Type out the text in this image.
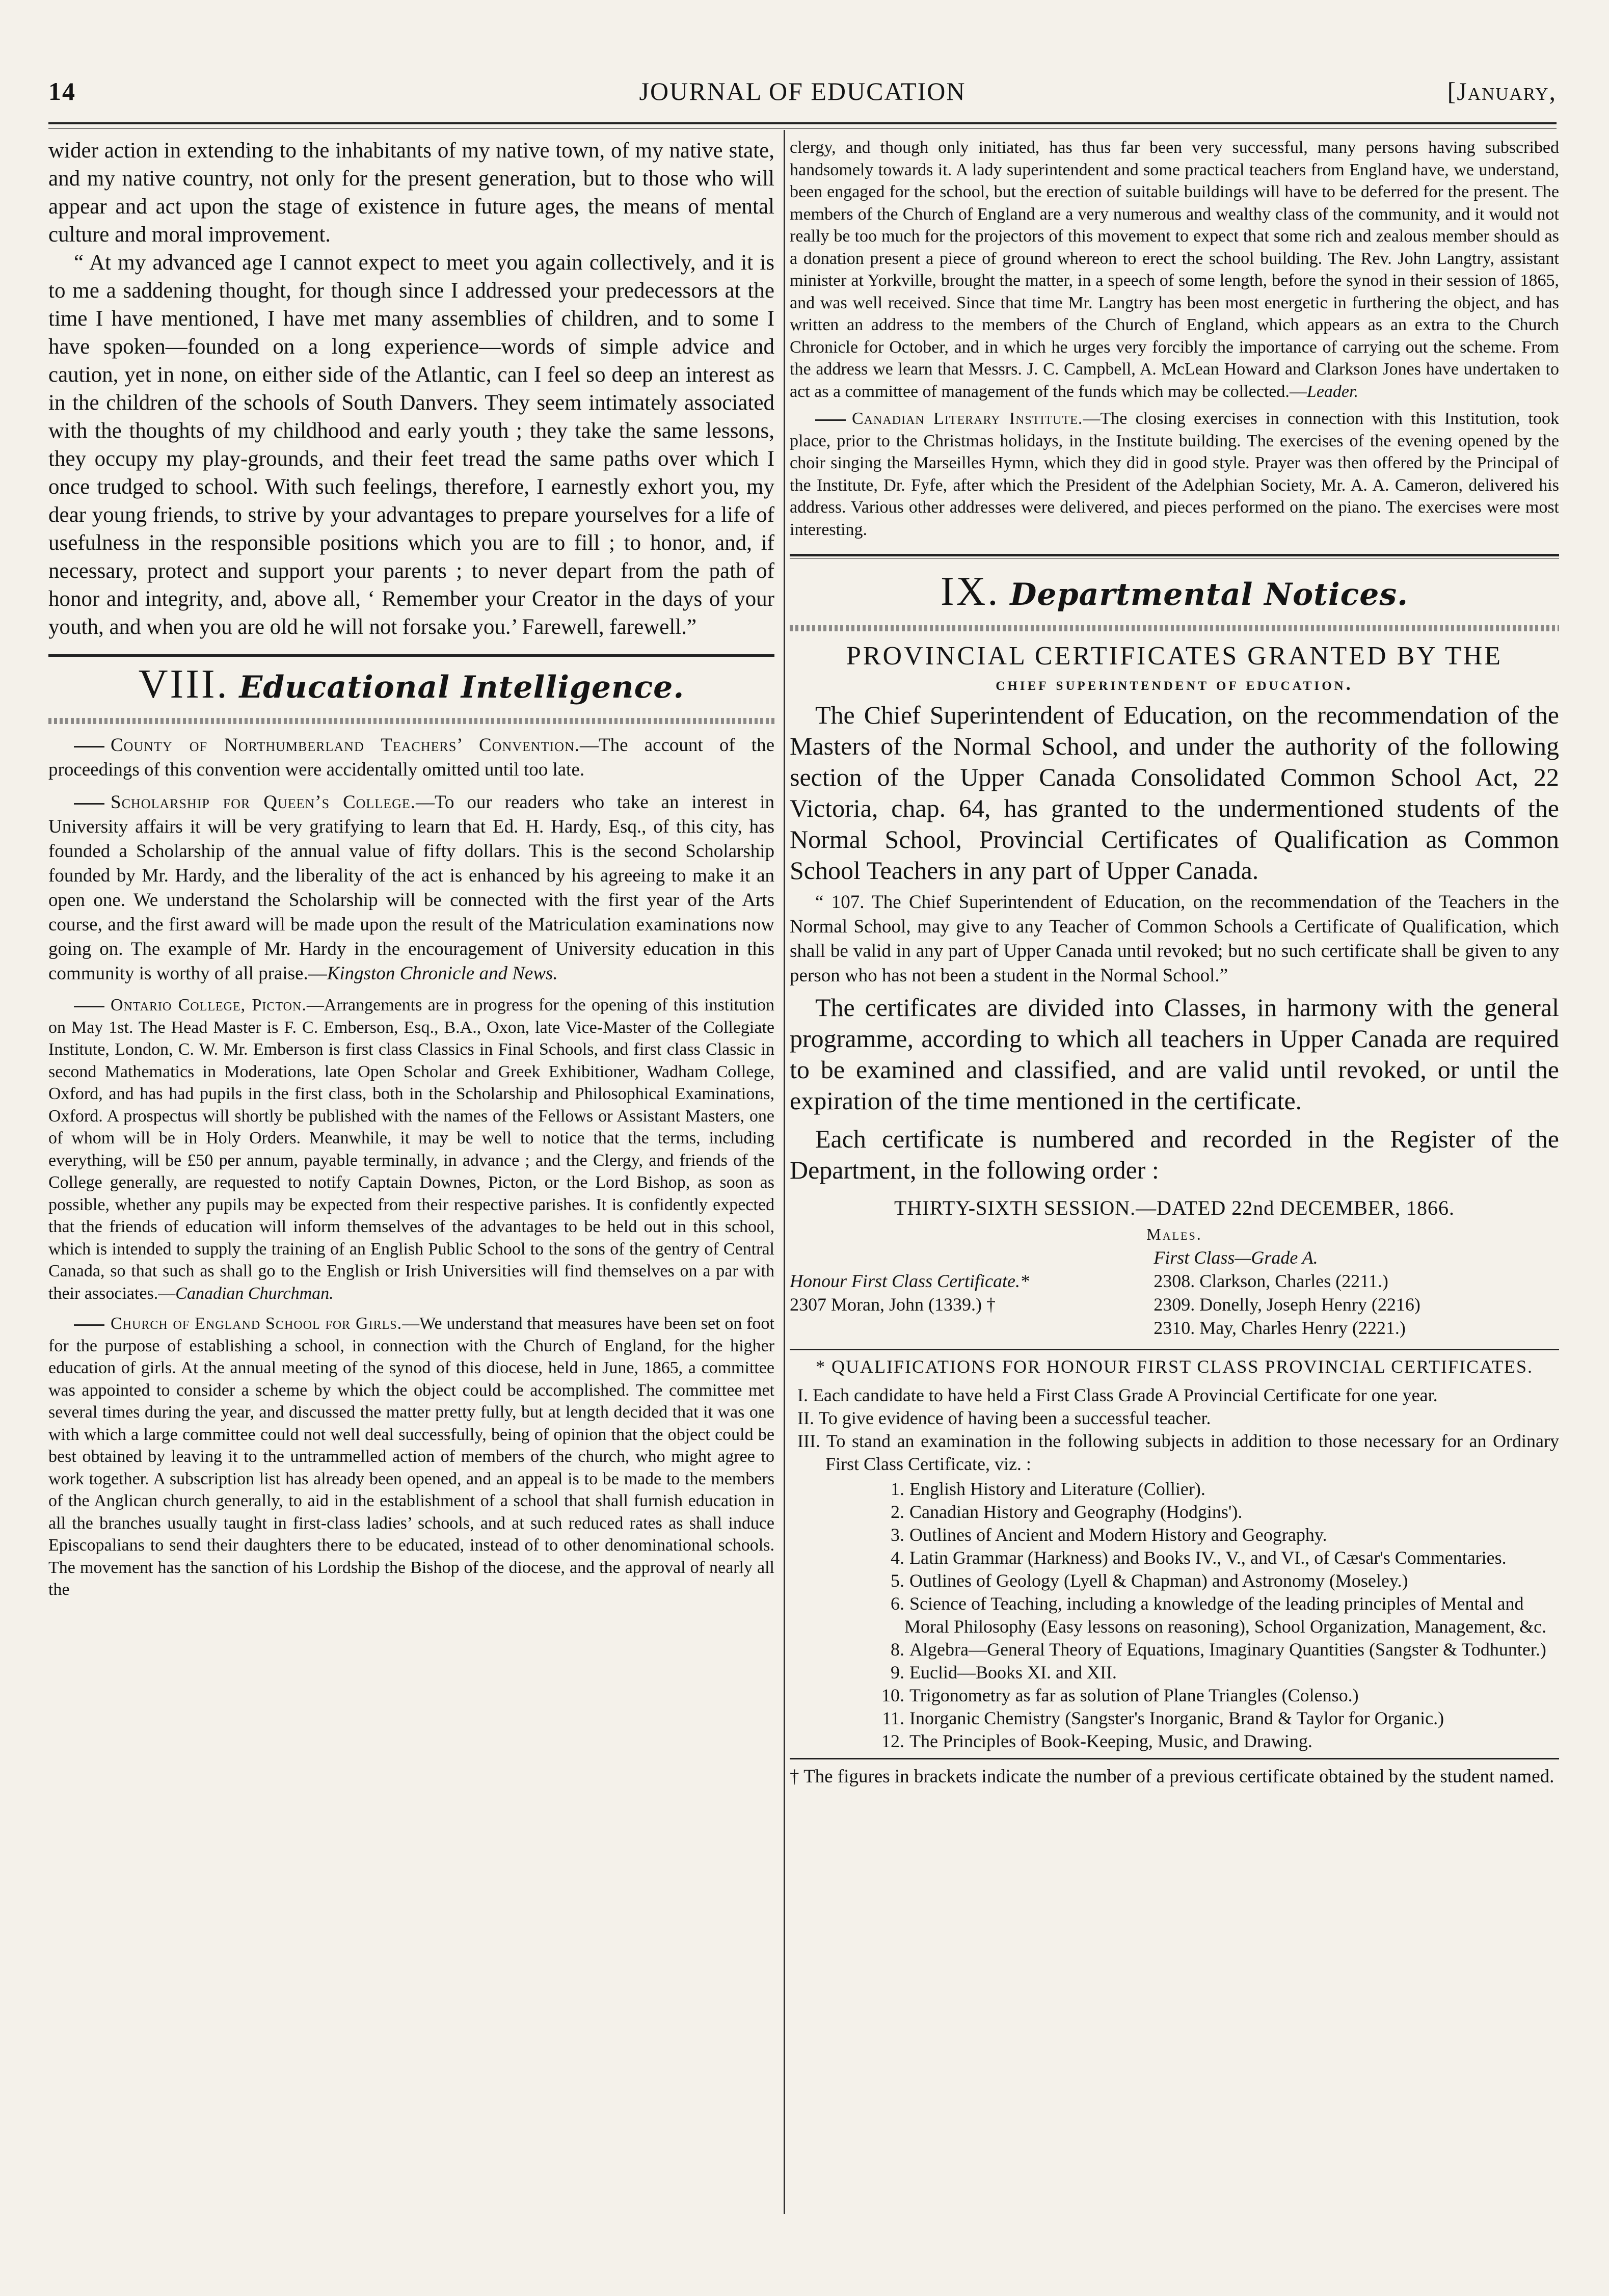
14	JOURNAL OF EDUCATION	[January,

wider action in extending to the inhabitants of my native town, of my native state, and my native country, not only for the present generation, but to those who will appear and act upon the stage of existence in future ages, the means of mental culture and moral improvement.

“ At my advanced age I cannot expect to meet you again collectively, and it is to me a saddening thought, for though since I addressed your predecessors at the time I have mentioned, I have met many assemblies of children, and to some I have spoken—founded on a long experience—words of simple advice and caution, yet in none, on either side of the Atlantic, can I feel so deep an interest as in the children of the schools of South Danvers. They seem intimately associated with the thoughts of my childhood and early youth ; they take the same lessons, they occupy my play-grounds, and their feet tread the same paths over which I once trudged to school. With such feelings, therefore, I earnestly exhort you, my dear young friends, to strive by your advantages to prepare yourselves for a life of usefulness in the responsible positions which you are to fill ; to honor, and, if necessary, protect and support your parents ; to never depart from the path of honor and integrity, and, above all, ‘ Remember your Creator in the days of your youth, and when you are old he will not forsake you.’ Farewell, farewell.”

VIII. Educational Intelligence.

County of Northumberland Teachers’ Convention.—The account of the proceedings of this convention were accidentally omitted until too late.

Scholarship for Queen’s College.—To our readers who take an interest in University affairs it will be very gratifying to learn that Ed. H. Hardy, Esq., of this city, has founded a Scholarship of the annual value of fifty dollars. This is the second Scholarship founded by Mr. Hardy, and the liberality of the act is enhanced by his agreeing to make it an open one. We understand the Scholarship will be connected with the first year of the Arts course, and the first award will be made upon the result of the Matriculation examinations now going on. The example of Mr. Hardy in the encouragement of University education in this community is worthy of all praise.—Kingston Chronicle and News.

Ontario College, Picton.—Arrangements are in progress for the opening of this institution on May 1st. The Head Master is F. C. Emberson, Esq., B.A., Oxon, late Vice-Master of the Collegiate Institute, London, C. W. Mr. Emberson is first class Classics in Final Schools, and first class Classic in second Mathematics in Moderations, late Open Scholar and Greek Exhibitioner, Wadham College, Oxford, and has had pupils in the first class, both in the Scholarship and Philosophical Examinations, Oxford. A prospectus will shortly be published with the names of the Fellows or Assistant Masters, one of whom will be in Holy Orders. Meanwhile, it may be well to notice that the terms, including everything, will be £50 per annum, payable terminally, in advance ; and the Clergy, and friends of the College generally, are requested to notify Captain Downes, Picton, or the Lord Bishop, as soon as possible, whether any pupils may be expected from their respective parishes. It is confidently expected that the friends of education will inform themselves of the advantages to be held out in this school, which is intended to supply the training of an English Public School to the sons of the gentry of Central Canada, so that such as shall go to the English or Irish Universities will find themselves on a par with their associates.—Canadian Churchman.

Church of England School for Girls.—We understand that measures have been set on foot for the purpose of establishing a school, in connection with the Church of England, for the higher education of girls. At the annual meeting of the synod of this diocese, held in June, 1865, a committee was appointed to consider a scheme by which the object could be accomplished. The committee met several times during the year, and discussed the matter pretty fully, but at length decided that it was one with which a large committee could not well deal successfully, being of opinion that the object could be best obtained by leaving it to the untrammelled action of members of the church, who might agree to work together. A subscription list has already been opened, and an appeal is to be made to the members of the Anglican church generally, to aid in the establishment of a school that shall furnish education in all the branches usually taught in first-class ladies’ schools, and at such reduced rates as shall induce Episcopalians to send their daughters there to be educated, instead of to other denominational schools. The movement has the sanction of his Lordship the Bishop of the diocese, and the approval of nearly all the

clergy, and though only initiated, has thus far been very successful, many persons having subscribed handsomely towards it. A lady superintendent and some practical teachers from England have, we understand, been engaged for the school, but the erection of suitable buildings will have to be deferred for the present. The members of the Church of England are a very numerous and wealthy class of the community, and it would not really be too much for the projectors of this movement to expect that some rich and zealous member should as a donation present a piece of ground whereon to erect the school building. The Rev. John Langtry, assistant minister at Yorkville, brought the matter, in a speech of some length, before the synod in their session of 1865, and was well received. Since that time Mr. Langtry has been most energetic in furthering the object, and has written an address to the members of the Church of England, which appears as an extra to the Church Chronicle for October, and in which he urges very forcibly the importance of carrying out the scheme. From the address we learn that Messrs. J. C. Campbell, A. McLean Howard and Clarkson Jones have undertaken to act as a committee of management of the funds which may be collected.—Leader.

Canadian Literary Institute.—The closing exercises in connection with this Institution, took place, prior to the Christmas holidays, in the Institute building. The exercises of the evening opened by the choir singing the Marseilles Hymn, which they did in good style. Prayer was then offered by the Principal of the Institute, Dr. Fyfe, after which the President of the Adelphian Society, Mr. A. A. Cameron, delivered his address. Various other addresses were delivered, and pieces performed on the piano. The exercises were most interesting.

IX. Departmental Notices.
PROVINCIAL CERTIFICATES GRANTED BY THE
chief superintendent of education.

The Chief Superintendent of Education, on the recommendation of the Masters of the Normal School, and under the authority of the following section of the Upper Canada Consolidated Common School Act, 22 Victoria, chap. 64, has granted to the undermentioned students of the Normal School, Provincial Certificates of Qualification as Common School Teachers in any part of Upper Canada.

“ 107. The Chief Superintendent of Education, on the recommendation of the Teachers in the Normal School, may give to any Teacher of Common Schools a Certificate of Qualification, which shall be valid in any part of Upper Canada until revoked; but no such certificate shall be given to any person who has not been a student in the Normal School.”

The certificates are divided into Classes, in harmony with the general programme, according to which all teachers in Upper Canada are required to be examined and classified, and are valid until revoked, or until the expiration of the time mentioned in the certificate.

Each certificate is numbered and recorded in the Register of the Department, in the following order :

THIRTY-SIXTH SESSION.—DATED 22nd DECEMBER, 1866.
Males.
	First Class—Grade A.
Honour First Class Certificate.*	2308. Clarkson, Charles (2211.)
2307 Moran, John (1339.) †	2309. Donelly, Joseph Henry (2216)
	2310. May, Charles Henry (2221.)
* QUALIFICATIONS FOR HONOUR FIRST CLASS PROVINCIAL CERTIFICATES.

I. Each candidate to have held a First Class Grade A Provincial Certificate for one year.

II. To give evidence of having been a successful teacher.

III. To stand an examination in the following subjects in addition to those necessary for an Ordinary First Class Certificate, viz. :

1. English History and Literature (Collier).
2. Canadian History and Geography (Hodgins').
3. Outlines of Ancient and Modern History and Geography.
4. Latin Grammar (Harkness) and Books IV., V., and VI., of Cæsar's Commentaries.
5. Outlines of Geology (Lyell & Chapman) and Astronomy (Moseley.)
6. Science of Teaching, including a knowledge of the leading principles of Mental and Moral Philosophy (Easy lessons on reasoning), School Organization, Management, &c.
8. Algebra—General Theory of Equations, Imaginary Quantities (Sangster & Todhunter.)
9. Euclid—Books XI. and XII.
10. Trigonometry as far as solution of Plane Triangles (Colenso.)
11. Inorganic Chemistry (Sangster's Inorganic, Brand & Taylor for Organic.)
12. The Principles of Book-Keeping, Music, and Drawing.

† The figures in brackets indicate the number of a previous certificate obtained by the student named.
